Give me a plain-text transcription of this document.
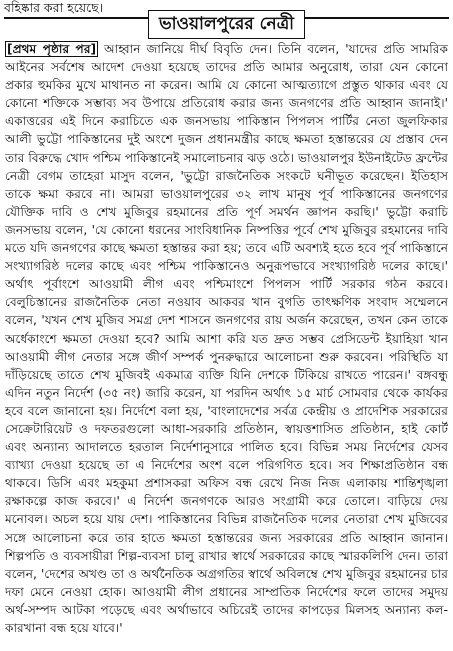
বহিষ্কার করা হয়েছে।
ভাওয়ালপুরের নেত্রী

[প্রথম পৃষ্ঠার পর] আহ্বান জানিয়ে দীর্ঘ বিবৃতি দেন। তিনি বলেন, 'যাদের প্রতি সামরিক আইনের সর্বশেষ আদেশ দেওয়া হয়েছে তাদের প্রতি আমার অনুরোধ, তারা যেন কোনো প্রকার হুমকির মুখে মাথানত না করেন। আমি যে কোনো আত্মত্যাগে প্রস্তুত থাকার এবং যে কোনো শক্তিকে সম্ভাব্য সব উপায়ে প্রতিরোধ করার জন্য জনগণের প্রতি আহ্বান জানাই।' একাত্তরের এই দিনে করাচিতে এক জনসভায় পাকিস্তান পিপলস পার্টির নেতা জুলফিকার আলী ভুট্টো পাকিস্তানের দুই অংশে দুজন প্রধানমন্ত্রীর কাছে ক্ষমতা হস্তান্তরের যে প্রস্তাব দেন তার বিরুদ্ধে খোদ পশ্চিম পাকিস্তানেই সমালোচনার ঝড় ওঠে। ভাওয়ালপুর ইউনাইটেড ফ্রন্টের নেত্রী বেগম তাহেরা মাসুদ বলেন, 'ভুট্টো রাজনৈতিক সংকটে ঘনীভূত করেছেন। ইতিহাস তাকে ক্ষমা করবে না। আমরা ভাওয়ালপুরের ৩২ লাখ মানুষ পূর্ব পাকিস্তানের জনগণের যৌক্তিক দাবি ও শেখ মুজিবুর রহমানের প্রতি পূর্ণ সমর্থন জ্ঞাপন করছি।' ভুট্টো করাচি জনসভায় বলেন, 'যে কোনো ধরনের সাংবিধানিক নিষ্পত্তির পূর্বে শেখ মুজিবুর রহমানের দাবি মতে যদি জনগণের কাছে ক্ষমতা হস্তান্তর করা হয়; তবে এটি অবশ্যই হতে হবে পূর্ব পাকিস্তানে সংখ্যাগরিষ্ঠ দলের কাছে এবং পশ্চিম পাকিস্তানেও অনুরূপভাবে সংখ্যাগরিষ্ঠ দলের কাছে।' অর্থাৎ পূর্বাংশে আওয়ামী লীগ এবং পশ্চিমাংশে পিপলস পার্টি সরকার গঠন করবে। বেলুচিস্তানের রাজনৈতিক নেতা নওয়াব আকবর খান বুগতি তাৎক্ষণিক সংবাদ সম্মেলনে বলেন, 'যখন শেখ মুজিব সমগ্র দেশ শাসনে জনগণের রায় অর্জন করেছেন, তখন কেন তাকে অর্ধেকাংশে ক্ষমতা দেওয়া হবে? আমি আশা করি যত দ্রুত সম্ভব প্রেসিডেন্ট ইয়াহিয়া খান আওয়ামী লীগ নেতার সঙ্গে জীর্ণ সম্পর্ক পুনরুদ্ধারে আলোচনা শুরু করবেন। পরিস্থিতি যা দাঁড়িয়েছে তাতে শেখ মুজিবই একমাত্র ব্যক্তি যিনি দেশকে টিকিয়ে রাখতে পারেন।' বঙ্গবন্ধু এদিন নতুন নির্দেশ (৩৫ নং) জারি করেন, যা পরদিন অর্থাৎ ১৫ মার্চ সোমবার থেকে কার্যকর হবে বলে জানানো হয়। নির্দেশে বলা হয়, 'বাংলাদেশের সর্বত্র কেন্দ্রীয় ও প্রাদেশিক সরকারের সেক্রেটারিয়েট ও দফতরগুলো আধা-সরকারি প্রতিষ্ঠান, স্বায়ত্তশাসিত প্রতিষ্ঠান, হাই কোর্ট এবং অন্যান্য আদালতে হরতাল নির্দেশানুসারে পালিত হবে। বিভিন্ন সময় নির্দেশের যেসব ব্যাখ্যা দেওয়া হয়েছে তা এ নির্দেশের অংশ বলে পরিগণিত হবে। সব শিক্ষাপ্রতিষ্ঠান বন্ধ থাকবে। ডিসি এবং মহকুমা প্রশাসকরা অফিস বন্ধ রেখে নিজ নিজ এলাকায় শান্তিশৃঙ্খলা রক্ষাকল্পে কাজ করবে।' এ নির্দেশ জনগণকে আরও সংগ্রামী করে তোলে। বাড়িয়ে দেয় মনোবল। অচল হয়ে যায় দেশ। পাকিস্তানের বিভিন্ন রাজনৈতিক দলের নেতারা শেখ মুজিবের সঙ্গে আলোচনা করে তার হাতে ক্ষমতা হস্তান্তরের জন্য সরকারের প্রতি আহ্বান জানান। শিল্পপতি ও ব্যবসায়ীরা শিল্প-ব্যবসা চালু রাখার স্বার্থে সরকারের কাছে স্মারকলিপি দেন। তারা বলেন, 'দেশের অখণ্ড তা ও অর্থনৈতিক অগ্রগতির স্বার্থে অবিলম্বে শেখ মুজিবুর রহমানের চার দফা মেনে নেওয়া হোক। আওয়ামী লীগ প্রধানের সাম্প্রতিক নির্দেশের ফলে তাদের সমুদয় অর্থ-সম্পদ আটকা পড়েছে এবং অর্থাভাবে অচিরেই তাদের কাপড়ের মিলসহ অন্যান্য কল-কারখানা বন্ধ হয়ে যাবে।'
